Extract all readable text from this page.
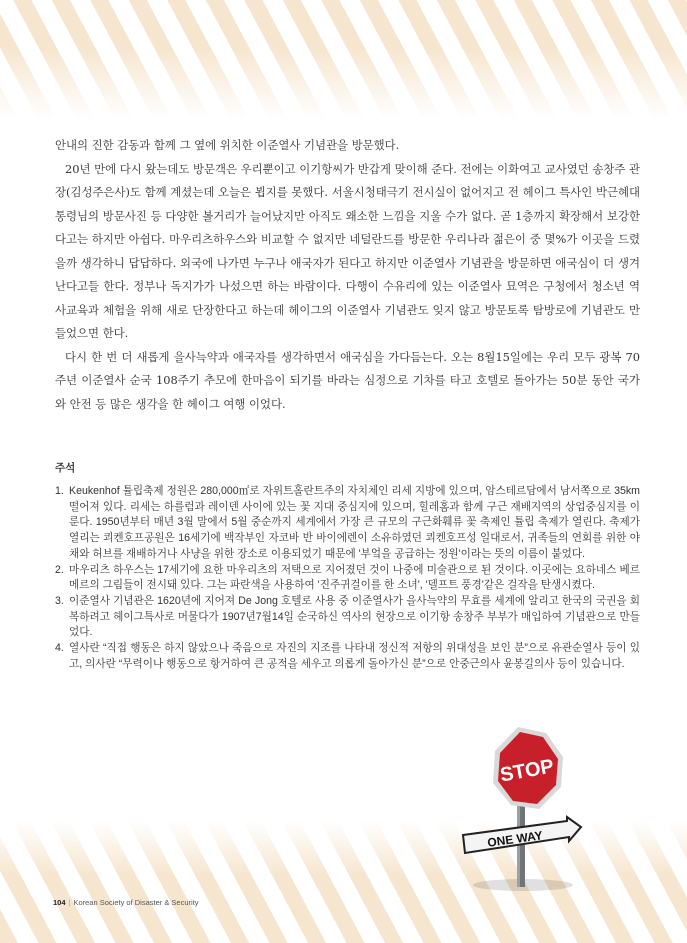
안내의 진한 감동과 함께 그 옆에 위치한 이준열사 기념관을 방문했다.

20년 만에 다시 왔는데도 방문객은 우리뿐이고 이기항씨가 반갑게 맞이해 준다. 전에는 이화여고 교사였던 송창주 관장(김성주은사)도 함께 계셨는데 오늘은 뵙지를 못했다. 서울시청태극기 전시실이 없어지고 전 헤이그 특사인 박근혜대통령님의 방문사진 등 다양한 볼거리가 늘어났지만 아직도 왜소한 느낌을 지울 수가 없다. 곧 1층까지 확장해서 보강한다고는 하지만 아쉽다. 마우리츠하우스와 비교할 수 없지만 네덜란드를 방문한 우리나라 젊은이 중 몇%가 이곳을 드렸을까 생각하니 답답하다. 외국에 나가면 누구나 애국자가 된다고 하지만 이준열사 기념관을 방문하면 애국심이 더 생겨난다고들 한다. 정부나 독지가가 나섰으면 하는 바람이다. 다행이 수유리에 있는 이준열사 묘역은 구청에서 청소년 역사교육과 체험을 위해 새로 단장한다고 하는데 헤이그의 이준열사 기념관도 잊지 않고 방문토록 탐방로에 기념관도 만들었으면 한다.

다시 한 번 더 새롭게 을사늑약과 애국자를 생각하면서 애국심을 가다듬는다. 오는 8월15일에는 우리 모두 광복 70주년 이준열사 순국 108주기 추모에 한마음이 되기를 바라는 심정으로 기차를 타고 호텔로 돌아가는 50분 동안 국가와 안전 등 많은 생각을 한 헤이그 여행 이었다.

주석
1. Keukenhof 튤립축제 정원은 280,000㎡로 자위트홀란트주의 자치체인 리세 지방에 있으며, 암스테르담에서 남서쪽으로 35km 떨어져 있다. 리세는 하를럼과 레이덴 사이에 있는 꽃 지대 중심지에 있으며, 힐레홈과 함께 구근 재배지역의 상업중심지를 이룬다. 1950년부터 매년 3월 말에서 5월 중순까지 세계에서 가장 큰 규모의 구근화훼류 꽃 축제인 튤립 축제가 열린다. 축제가 열리는 쾨켄호프공원은 16세기에 백작부인 자코바 반 바이에렌이 소유하였던 쾨켄호프성 일대로서, 귀족들의 연회를 위한 야채와 허브를 재배하거나 사냥을 위한 장소로 이용되었기 때문에 '부엌을 공급하는 정원'이라는 뜻의 이름이 붙었다.
2. 마우리츠 하우스는 17세기에 요한 마우리츠의 저택으로 지어졌던 것이 나중에 미술관으로 된 것이다. 이곳에는 요하네스 베르메르의 그림들이 전시돼 있다. 그는 파란색을 사용하여 '진주귀걸이를 한 소녀', '델프트 풍경'같은 걸작을 탄생시켰다.
3. 이준열사 기념관은 1620년에 지어져 De Jong 호텔로 사용 중 이준열사가 을사늑약의 무효를 세계에 알리고 한국의 국권을 회복하려고 헤이그특사로 머물다가 1907년7월14일 순국하신 역사의 현장으로 이기항 송창주 부부가 매입하여 기념관으로 만들었다.
4. 열사란 “직접 행동은 하지 않았으나 죽음으로 자진의 지조를 나타내 정신적 저항의 위대성을 보인 분”으로 유관순열사 등이 있고, 의사란 “무력이나 행동으로 항거하여 큰 공적을 세우고 의롭게 돌아가신 분”으로 안중근의사 윤봉길의사 등이 있습니다.
STOP
ONE WAY
104 | Korean Society of Disaster & Security
